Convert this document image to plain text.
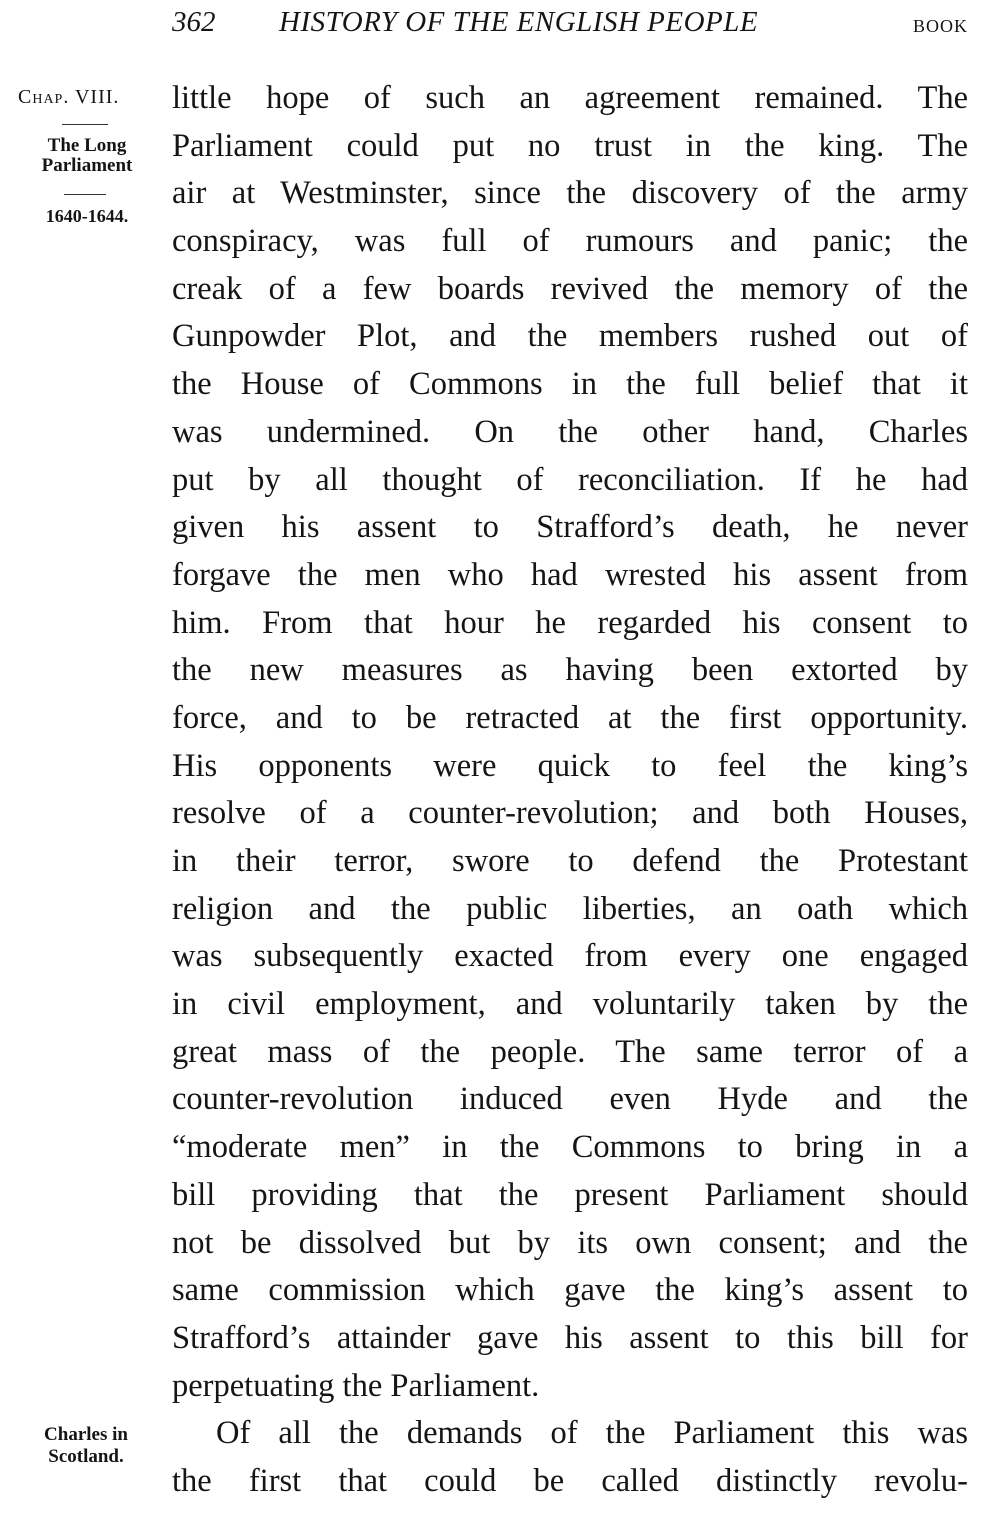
362 HISTORY OF THE ENGLISH PEOPLE	BOOK
Chap. VIII.
The Long
Parliament
1640-1644.
little hope of such an agreement remained. The
Parliament could put no trust in the king. The
air at Westminster, since the discovery of the army
conspiracy, was full of rumours and panic; the
creak of a few boards revived the memory of the
Gunpowder Plot, and the members rushed out of
the House of Commons in the full belief that it
was undermined. On the other hand, Charles
put by all thought of reconciliation. If he had
given his assent to Strafford’s death, he never
forgave the men who had wrested his assent from
him. From that hour he regarded his consent to
the new measures as having been extorted by
force, and to be retracted at the first opportunity.
His opponents were quick to feel the king’s
resolve of a counter-revolution; and both Houses,
in their terror, swore to defend the Protestant
religion and the public liberties, an oath which
was subsequently exacted from every one engaged
in civil employment, and voluntarily taken by the
great mass of the people. The same terror of a
counter-revolution induced even Hyde and the
“moderate men” in the Commons to bring in a
bill providing that the present Parliament should
not be dissolved but by its own consent; and the
same commission which gave the king’s assent to
Strafford’s attainder gave his assent to this bill for
perpetuating the Parliament.
Of all the demands of the Parliament this was
the first that could be called distinctly revolu-
Charles in
Scotland.
